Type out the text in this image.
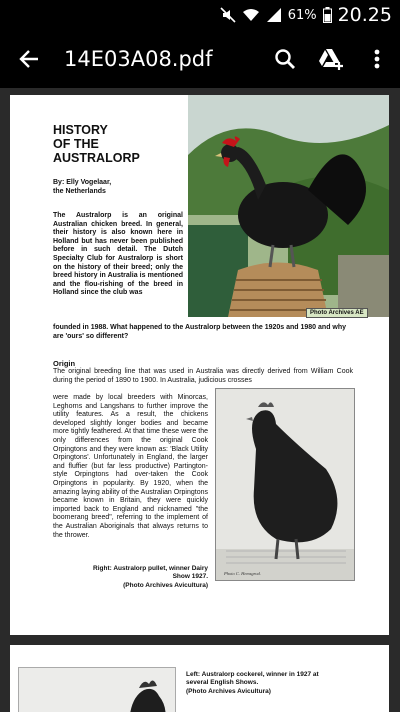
61% 20.25
14E03A08.pdf
Photo Archives AE
HISTORY
OF THE
AUSTRALORP
By: Elly Vogelaar,
the Netherlands
The Australorp is an original Australian chicken breed. In general, their history is also known here in Holland but has never been published before in such detail. The Dutch Specialty Club for Australorp is short on the history of their breed; only the breed history in Australia is mentioned and the flou-rishing of the breed in Holland since the club was
founded in 1988. What happened to the Australorp between the 1920s and 1980 and why are 'ours' so different?
Origin
The original breeding line that was used in Australia was directly derived from William Cook during the period of 1890 to 1900. In Australia, judicious crosses
were made by local breeders with Minorcas, Leghorns and Langshans to further improve the utility features. As a result, the chickens developed slightly longer bodies and became more tightly feathered. At that time these were the only differences from the original Cook Orpingtons and they were known as: 'Black Utility Orpingtons'. Unfortunately in England, the larger and fluffier (but far less productive) Partington-style Orpingtons had over-taken the Cook Orpingtons in popularity. By 1920, when the amazing laying ability of the Australian Orpingtons became known in Britain, they were quickly imported back to England and nicknamed "the boomerang breed", referring to the implement of the Australian Aboriginals that always returns to the thrower.
Photo C. Hemsgrod.
Right: Australorp pullet, winner Dairy
Show 1927.
(Photo Archives Avicultura)
Left: Australorp cockerel, winner in 1927 at
several English Shows.
(Photo Archives Avicultura)
